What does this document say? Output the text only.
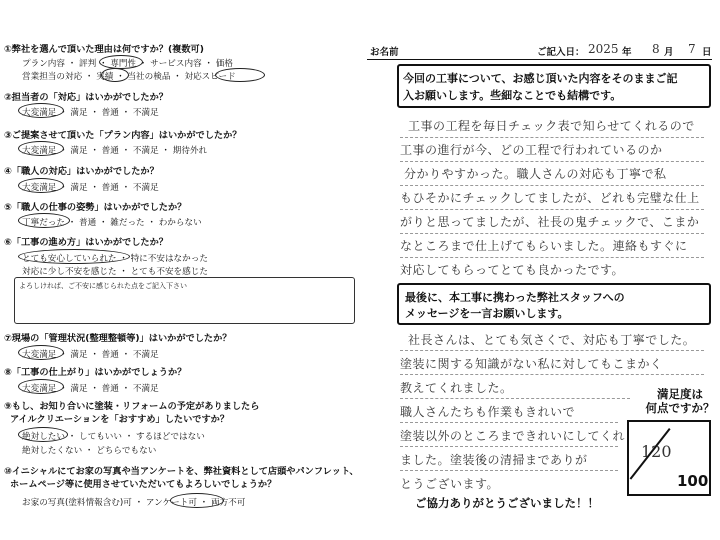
①弊社を選んで頂いた理由は何ですか？(複数可)
プラン内容 ・ 評判 ・ 専門性 ・ サービス内容 ・ 価格
営業担当の対応 ・ 実績 ・ 当社の検品 ・ 対応スピード
②担当者の「対応」はいかがでしたか？
大変満足 ・ 満足 ・ 普通 ・ 不満足
③ご提案させて頂いた「プラン内容」はいかがでしたか？
大変満足 ・ 満足 ・ 普通 ・ 不満足 ・ 期待外れ
④「職人の対応」はいかがでしたか？
大変満足 ・ 満足 ・ 普通 ・ 不満足
⑤「職人の仕事の姿勢」はいかがでしたか？
丁寧だった ・ 普通 ・ 雑だった ・ わからない
⑥「工事の進め方」はいかがでしたか？
とても安心していられた ・ 特に不安はなかった
対応に少し不安を感じた ・ とても不安を感じた
よろしければ、ご不安に感じられた点をご記入下さい
⑦現場の「管理状況(整理整頓等)」はいかがでしたか？
大変満足 ・ 満足 ・ 普通 ・ 不満足
⑧「工事の仕上がり」はいかがでしょうか？
大変満足 ・ 満足 ・ 普通 ・ 不満足
⑨もし、お知り合いに塗装・リフォームの予定がありましたら
アイルクリエーションを「おすすめ」したいですか？
絶対したい ・ してもいい ・ するほどではない
絶対したくない ・ どちらでもない
⑩イニシャルにてお家の写真や当アンケートを、弊社資料として店頭やパンフレット、
ホームページ等に使用させていただいてもよろしいでしょうか？
お家の写真(塗料情報含む)可 ・ アンケート可 ・ 両方不可
お名前	ご記入日： 2025 年 8 月 7 日
今回の工事について、お感じ頂いた内容をそのままご記
入お願いします。些細なことでも結構です。
工事の工程を毎日チェック表で知らせてくれるので
工事の進行が今、どの工程で行われているのか
分かりやすかった。職人さんの対応も丁寧で私
もひそかにチェックしてましたが、どれも完璧な仕上
がりと思ってましたが、社長の鬼チェックで、こまか
なところまで仕上げてもらいました。連絡もすぐに
対応してもらってとても良かったです。
最後に、本工事に携わった弊社スタッフへの
メッセージを一言お願いします。
社長さんは、とても気さくで、対応も丁寧でした。
塗装に関する知識がない私に対してもこまかく
教えてくれました。
職人さんたちも作業もきれいで
塗装以外のところまできれいにしてくれ
ました。塗装後の清掃までありが
とうございます。
満足度は
何点ですか？
120
100
ご協力ありがとうございました！！
